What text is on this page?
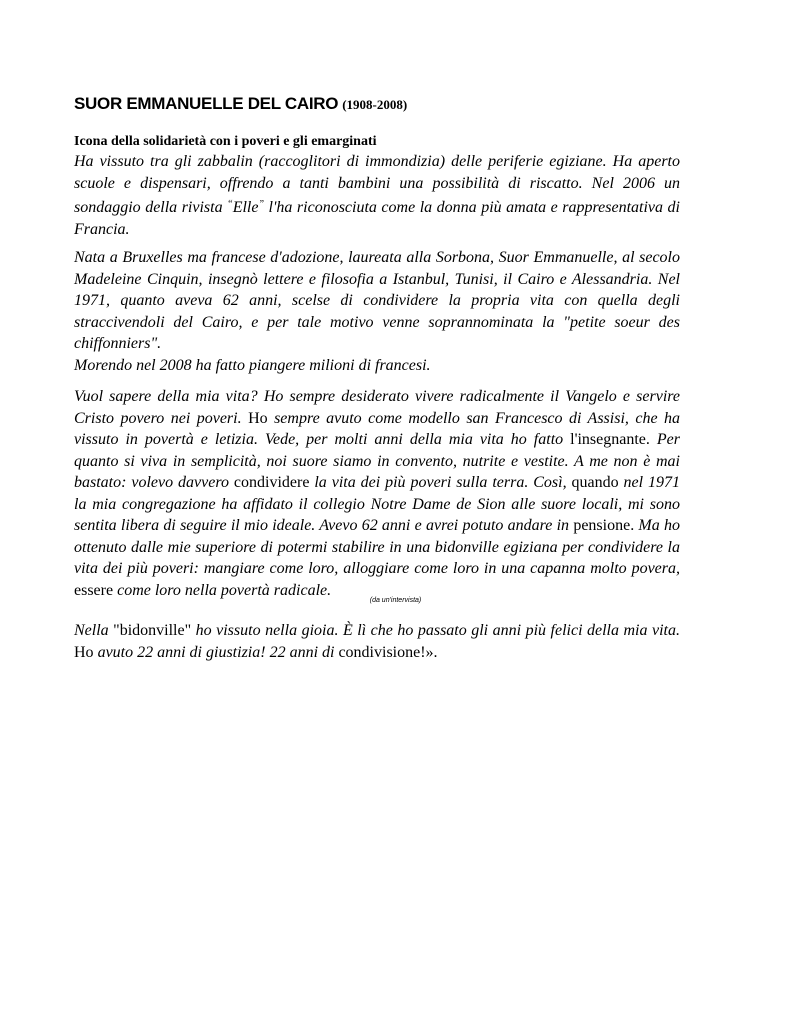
SUOR EMMANUELLE DEL CAIRO (1908-2008)

Icona della solidarietà con i poveri e gli emarginati

Ha vissuto tra gli zabbalin (raccoglitori di immondizia) delle periferie egiziane. Ha aperto scuole e dispensari, offrendo a tanti bambini una possibilità di riscatto. Nel 2006 un sondaggio della rivista “Elle” l'ha riconosciuta come la donna più amata e rappresentativa di Francia.

Nata a Bruxelles ma francese d'adozione, laureata alla Sorbona, Suor Emmanuelle, al secolo Madeleine Cinquin, insegnò lettere e filosofia a Istanbul, Tunisi, il Cairo e Alessandria. Nel 1971, quanto aveva 62 anni, scelse di condividere la propria vita con quella degli straccivendoli del Cairo, e per tale motivo venne soprannominata la "petite soeur des chiffonniers".

Morendo nel 2008 ha fatto piangere milioni di francesi.

Vuol sapere della mia vita? Ho sempre desiderato vivere radicalmente il Vangelo e servire Cristo povero nei poveri. Ho sempre avuto come modello san Francesco di Assisi, che ha vissuto in povertà e letizia. Vede, per molti anni della mia vita ho fatto l'insegnante. Per quanto si viva in semplicità, noi suore siamo in convento, nutrite e vestite. A me non è mai bastato: volevo davvero condividere la vita dei più poveri sulla terra. Così, quando nel 1971 la mia congregazione ha affidato il collegio Notre Dame de Sion alle suore locali, mi sono sentita libera di seguire il mio ideale. Avevo 62 anni e avrei potuto andare in pensione. Ma ho ottenuto dalle mie superiore di potermi stabilire in una bidonville egiziana per condividere la vita dei più poveri: mangiare come loro, alloggiare come loro in una capanna molto povera, essere come loro nella povertà radicale.

Nella "bidonville" ho vissuto nella gioia. È lì che ho passato gli anni più felici della mia vita. Ho avuto 22 anni di giustizia! 22 anni di condivisione!».

(da un'intervista)
